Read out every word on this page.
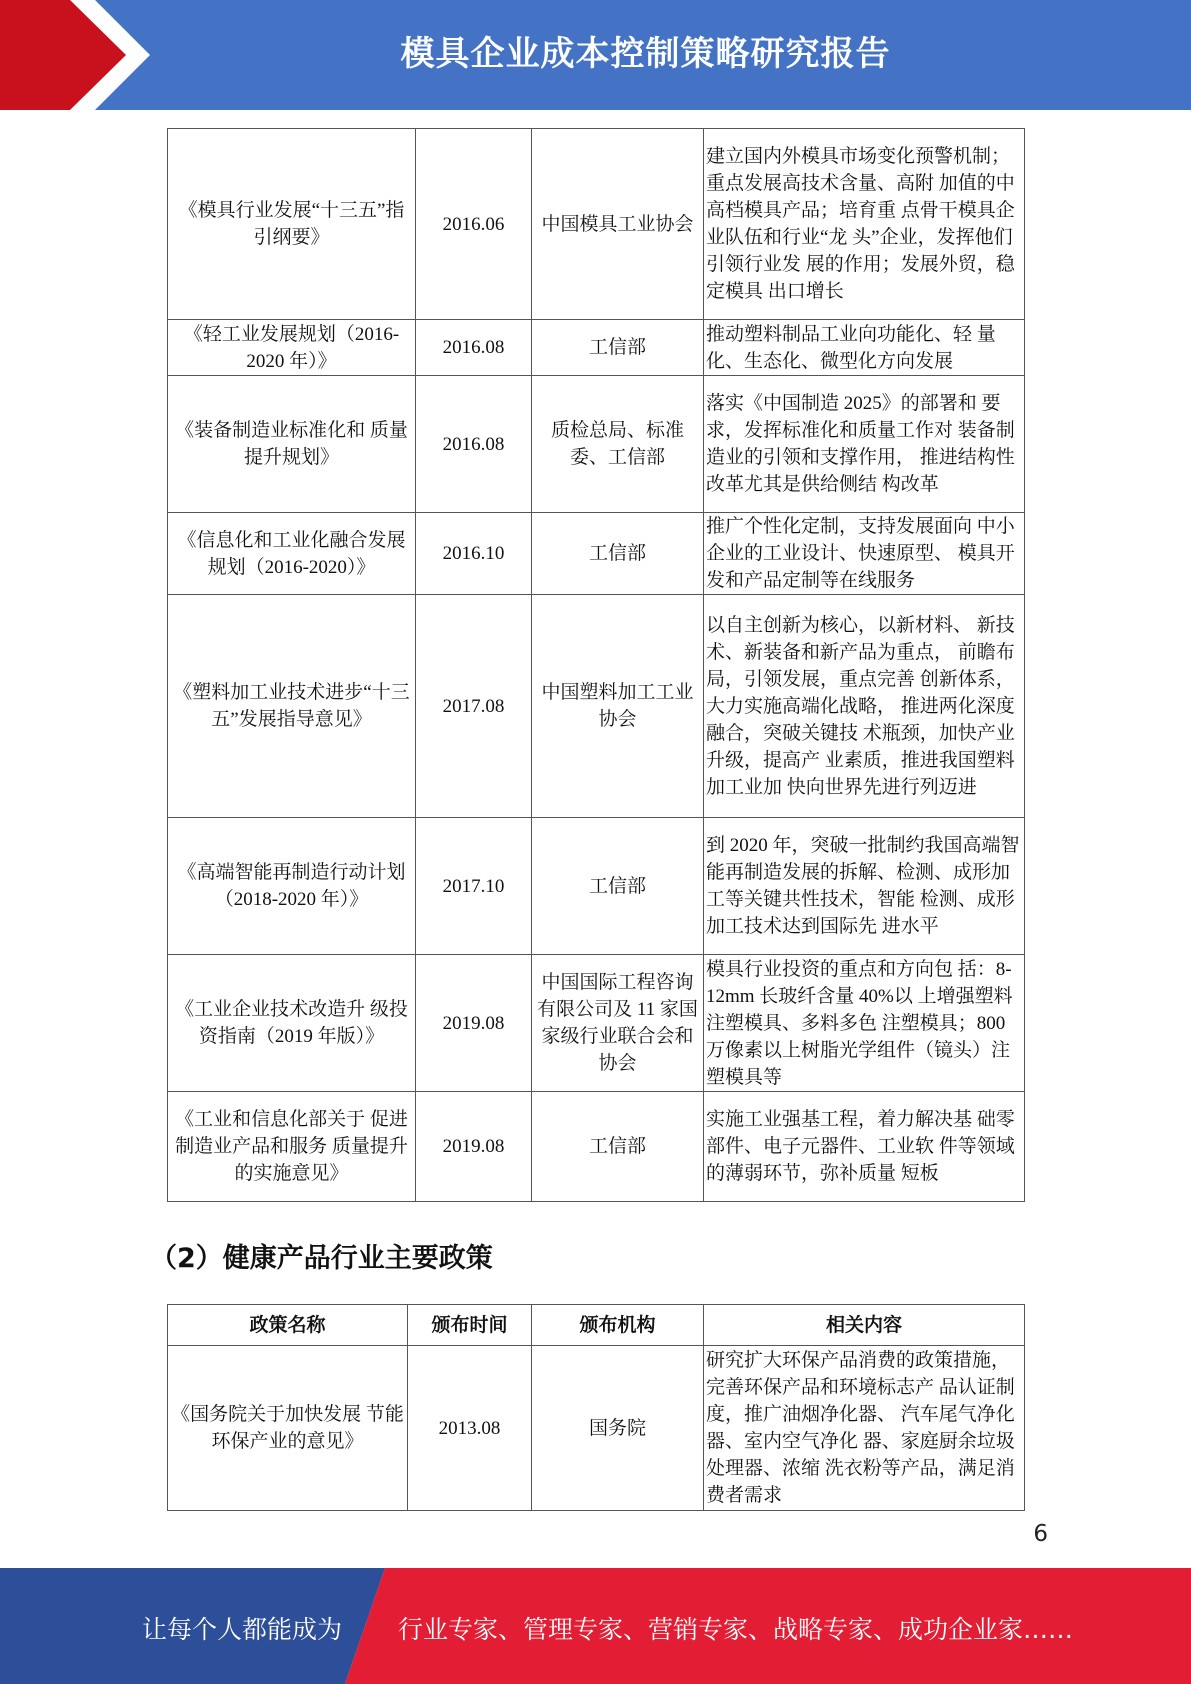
模具企业成本控制策略研究报告
《模具行业发展“十三五”指引纲要》	2016.06	中国模具工业协会	建立国内外模具市场变化预警机制；重点发展高技术含量、高附 加值的中高档模具产品；培育重 点骨干模具企业队伍和行业“龙 头”企业，发挥他们引领行业发 展的作用；发展外贸，稳定模具 出口增长
《轻工业发展规划（2016-2020 年）》	2016.08	工信部	推动塑料制品工业向功能化、轻 量化、生态化、微型化方向发展
《装备制造业标准化和 质量提升规划》	2016.08	质检总局、标准委、工信部	落实《中国制造 2025》的部署和 要求，发挥标准化和质量工作对 装备制造业的引领和支撑作用， 推进结构性改革尤其是供给侧结 构改革
《信息化和工业化融合发展规划（2016-2020）》	2016.10	工信部	推广个性化定制，支持发展面向 中小企业的工业设计、快速原型、 模具开发和产品定制等在线服务
《塑料加工业技术进步“十三五”发展指导意见》	2017.08	中国塑料加工工业协会	以自主创新为核心，以新材料、 新技术、新装备和新产品为重点， 前瞻布局，引领发展，重点完善 创新体系，大力实施高端化战略， 推进两化深度融合，突破关键技 术瓶颈，加快产业升级，提高产 业素质，推进我国塑料加工业加 快向世界先进行列迈进
《高端智能再制造行动计划（2018-2020 年）》	2017.10	工信部	到 2020 年，突破一批制约我国高端智能再制造发展的拆解、检测、成形加工等关键共性技术，智能 检测、成形加工技术达到国际先 进水平
《工业企业技术改造升 级投资指南（2019 年版）》	2019.08	中国国际工程咨询有限公司及 11 家国家级行业联合会和协会	模具行业投资的重点和方向包 括：8-12mm 长玻纤含量 40%以 上增强塑料注塑模具、多料多色 注塑模具；800 万像素以上树脂光学组件（镜头）注塑模具等
《工业和信息化部关于 促进制造业产品和服务 质量提升的实施意见》	2019.08	工信部	实施工业强基工程，着力解决基 础零部件、电子元器件、工业软 件等领域的薄弱环节，弥补质量 短板
（2）健康产品行业主要政策
政策名称	颁布时间	颁布机构	相关内容
《国务院关于加快发展 节能环保产业的意见》	2013.08	国务院	研究扩大环保产品消费的政策措施，完善环保产品和环境标志产 品认证制度，推广油烟净化器、 汽车尾气净化器、室内空气净化 器、家庭厨余垃圾处理器、浓缩 洗衣粉等产品，满足消费者需求
6
让每个人都能成为 行业专家、管理专家、营销专家、战略专家、成功企业家……
